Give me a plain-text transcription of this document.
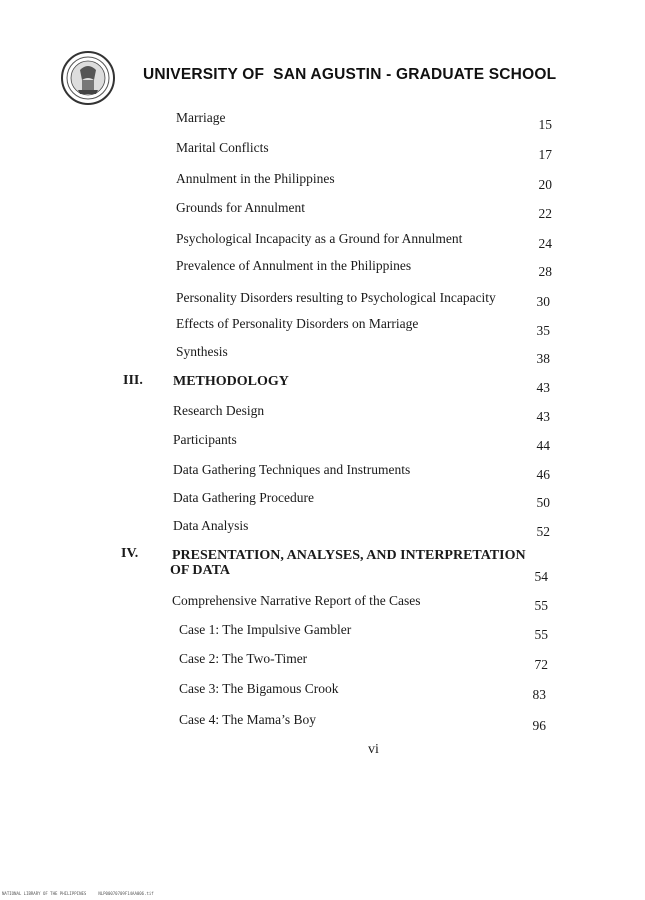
UNIVERSITY OF  SAN AGUSTIN - GRADUATE SCHOOL
Marriage	15
Marital Conflicts	17
Annulment in the Philippines	20
Grounds for Annulment	22
Psychological Incapacity as a Ground for Annulment	24
Prevalence of Annulment in the Philippines	28
Personality Disorders resulting to Psychological Incapacity	30
Effects of Personality Disorders on Marriage	35
Synthesis	38
III. METHODOLOGY	43
Research Design	43
Participants	44
Data Gathering Techniques and Instruments	46
Data Gathering Procedure	50
Data Analysis	52
IV. PRESENTATION, ANALYSES, AND INTERPRETATION
OF DATA	54
Comprehensive Narrative Report of the Cases	55
Case 1: The Impulsive Gambler	55
Case 2: The Two-Timer	72
Case 3: The Bigamous Crook	83
Case 4: The Mama’s Boy	96
vi
NATIONAL LIBRARY OF THE PHILIPPINES     NLP00070709F14AA006.tif
